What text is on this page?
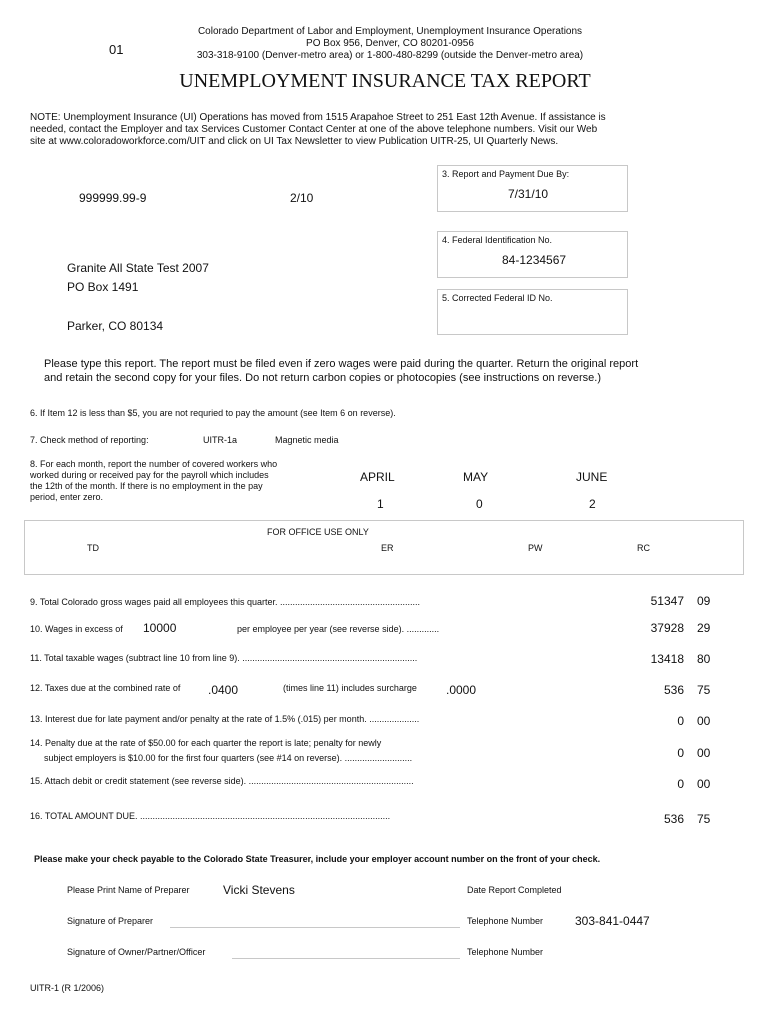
01
Colorado Department of Labor and Employment, Unemployment Insurance Operations
PO Box 956, Denver, CO 80201-0956
303-318-9100 (Denver-metro area) or 1-800-480-8299 (outside the Denver-metro area)
UNEMPLOYMENT INSURANCE TAX REPORT
NOTE: Unemployment Insurance (UI) Operations has moved from 1515 Arapahoe Street to 251 East 12th Avenue. If assistance is
needed, contact the Employer and tax Services Customer Contact Center at one of the above telephone numbers. Visit our Web
site at www.coloradoworkforce.com/UIT and click on UI Tax Newsletter to view Publication UITR-25, UI Quarterly News.
999999.99-9	2/10
3. Report and Payment Due By:
7/31/10
4. Federal Identification No.
84-1234567
5. Corrected Federal ID No.
Granite All State Test 2007
PO Box 1491
Parker, CO 80134
Please type this report. The report must be filed even if zero wages were paid during the quarter. Return the original report
and retain the second copy for your files. Do not return carbon copies or photocopies (see instructions on reverse.)
6. If Item 12 is less than $5, you are not requried to pay the amount (see Item 6 on reverse).
7. Check method of reporting:	UITR-1a	Magnetic media
8. For each month, report the number of covered workers who
worked during or received pay for the payroll which includes
the 12th of the month. If there is no employment in the pay
period, enter zero.
APRIL	MAY	JUNE
1	0	2
FOR OFFICE USE ONLY
TD	ER	PW	RC
9. Total Colorado gross wages paid all employees this quarter. ........................................................	51347 09
10. Wages in excess of 10000	per employee per year (see reverse side). .............	37928 29
11. Total taxable wages (subtract line 10 from line 9). ......................................................................	13418 80
12. Taxes due at the combined rate of .0400	(times line 11) includes surcharge .0000	536 75
13. Interest due for late payment and/or penalty at the rate of 1.5% (.015) per month. ....................	0 00
14. Penalty due at the rate of $50.00 for each quarter the report is late; penalty for newly
subject employers is $10.00 for the first four quarters (see #14 on reverse). ...........................	0 00
15. Attach debit or credit statement (see reverse side). ..................................................................	0 00
16. TOTAL AMOUNT DUE. ....................................................................................................	536 75
Please make your check payable to the Colorado State Treasurer, include your employer account number on the front of your check.
Please Print Name of Preparer	Vicki Stevens	Date Report Completed
Signature of Preparer	Telephone Number	303-841-0447
Signature of Owner/Partner/Officer	Telephone Number
UITR-1 (R 1/2006)
